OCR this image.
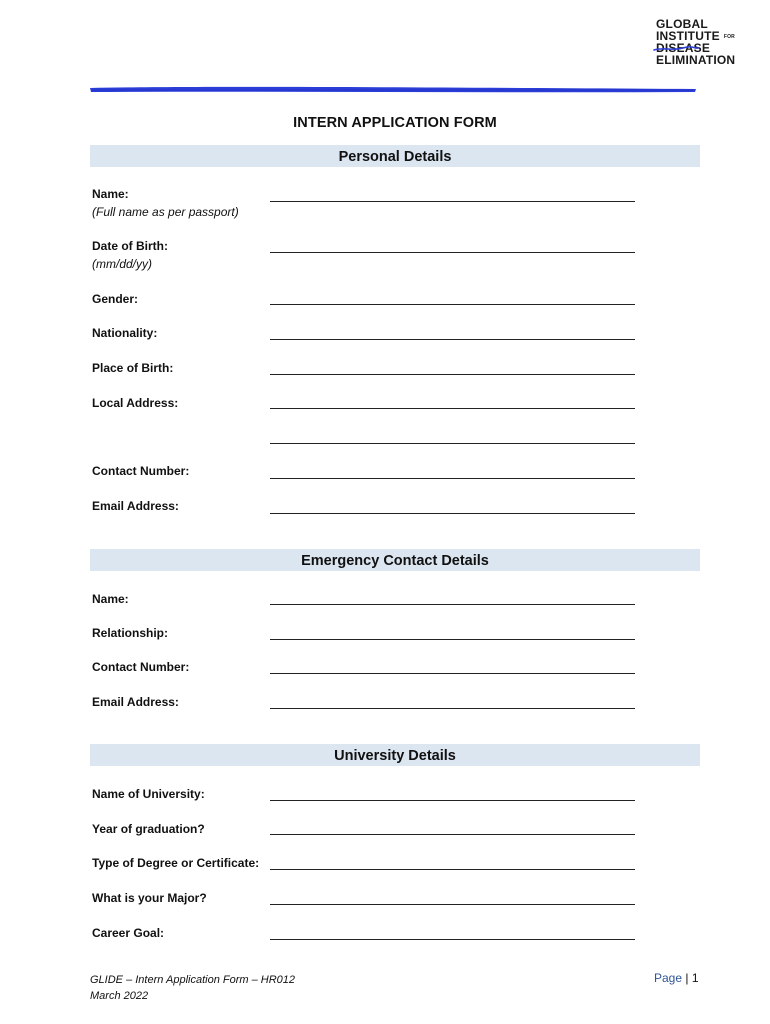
GLOBAL
INSTITUTE $^{FOR}$
DISEASE
ELIMINATION
INTERN APPLICATION FORM
Personal Details
Name:
(Full name as per passport)
Date of Birth:
(mm/dd/yy)
Gender:
Nationality:
Place of Birth:
Local Address:
Contact Number:
Email Address:
Emergency Contact Details
Name:
Relationship:
Contact Number:
Email Address:
University Details
Name of University:
Year of graduation?
Type of Degree or Certificate:
What is your Major?
Career Goal:
GLIDE – Intern Application Form – HR012
March 2022
Page | 1
